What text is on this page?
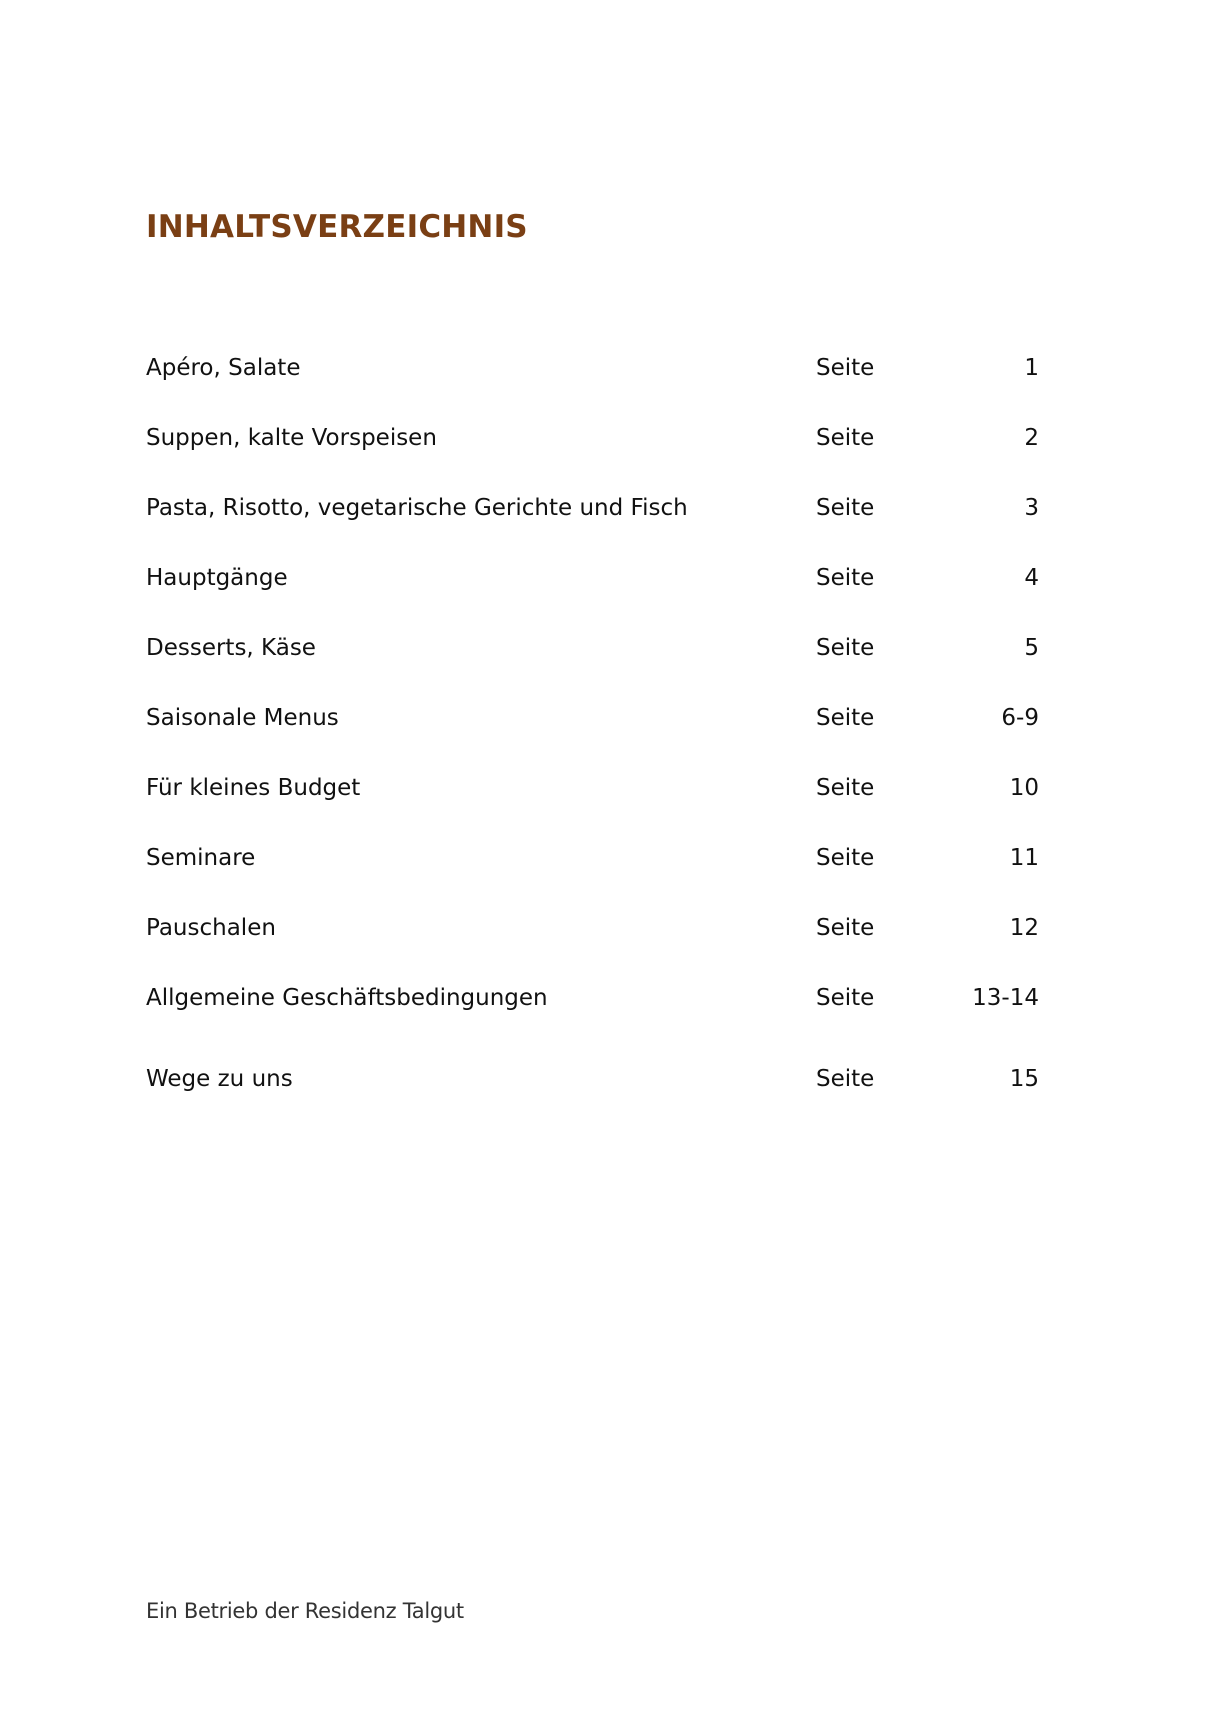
INHALTSVERZEICHNIS
Apéro, Salate	Seite	1
Suppen, kalte Vorspeisen	Seite	2
Pasta, Risotto, vegetarische Gerichte und Fisch	Seite	3
Hauptgänge	Seite	4
Desserts, Käse	Seite	5
Saisonale Menus	Seite	6-9
Für kleines Budget	Seite	10
Seminare	Seite	11
Pauschalen	Seite	12
Allgemeine Geschäftsbedingungen	Seite	13-14
Wege zu uns	Seite	15
Ein Betrieb der Residenz Talgut
